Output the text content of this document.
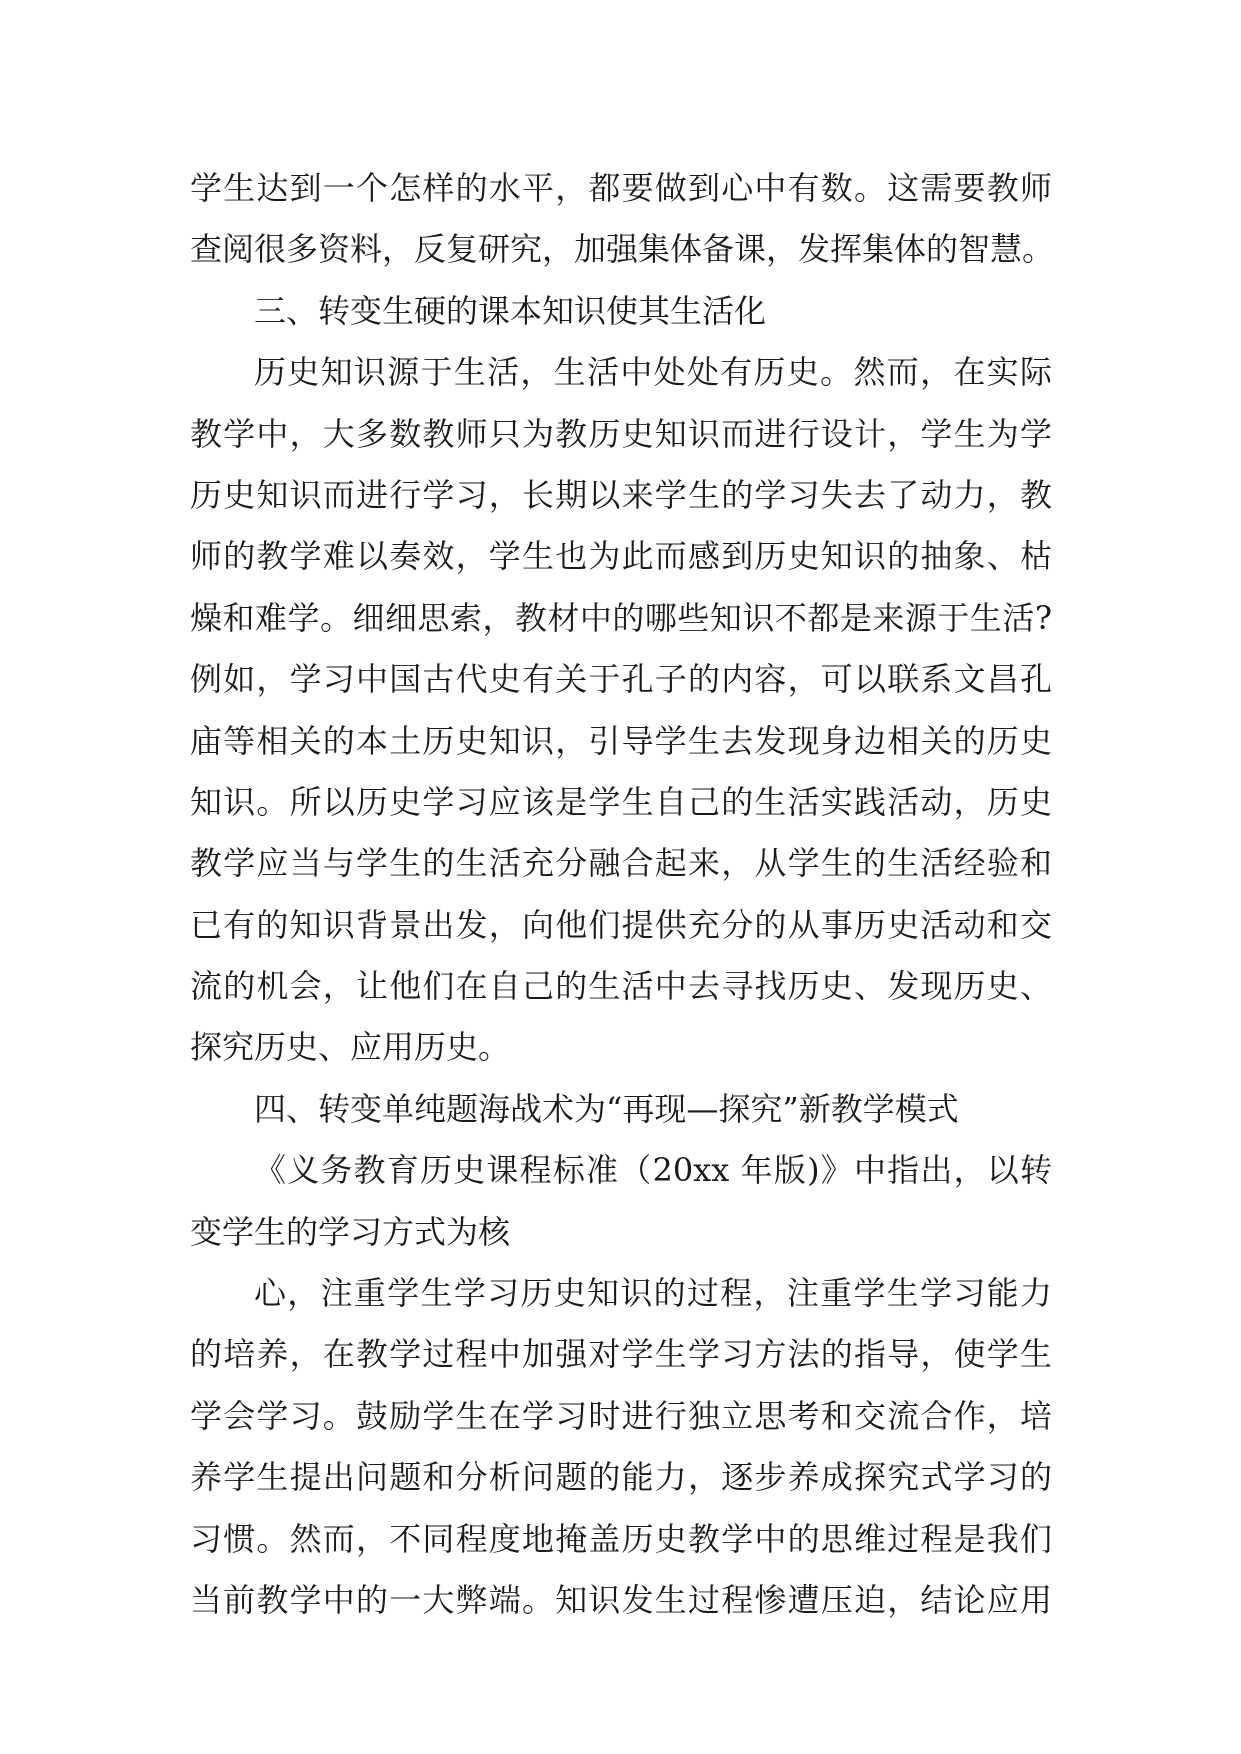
学生达到一个怎样的水平，都要做到心中有数。这需要教师
查阅很多资料，反复研究，加强集体备课，发挥集体的智慧。
三、转变生硬的课本知识使其生活化
历史知识源于生活，生活中处处有历史。然而，在实际
教学中，大多数教师只为教历史知识而进行设计，学生为学
历史知识而进行学习，长期以来学生的学习失去了动力，教
师的教学难以奏效，学生也为此而感到历史知识的抽象、枯
燥和难学。细细思索，教材中的哪些知识不都是来源于生活?
例如，学习中国古代史有关于孔子的内容，可以联系文昌孔
庙等相关的本土历史知识，引导学生去发现身边相关的历史
知识。所以历史学习应该是学生自己的生活实践活动，历史
教学应当与学生的生活充分融合起来，从学生的生活经验和
已有的知识背景出发，向他们提供充分的从事历史活动和交
流的机会，让他们在自己的生活中去寻找历史、发现历史、
探究历史、应用历史。
四、转变单纯题海战术为“再现—探究”新教学模式
《义务教育历史课程标准（20xx 年版)》中指出，以转
变学生的学习方式为核
心，注重学生学习历史知识的过程，注重学生学习能力
的培养，在教学过程中加强对学生学习方法的指导，使学生
学会学习。鼓励学生在学习时进行独立思考和交流合作，培
养学生提出问题和分析问题的能力，逐步养成探究式学习的
习惯。然而，不同程度地掩盖历史教学中的思维过程是我们
当前教学中的一大弊端。知识发生过程惨遭压迫，结论应用
